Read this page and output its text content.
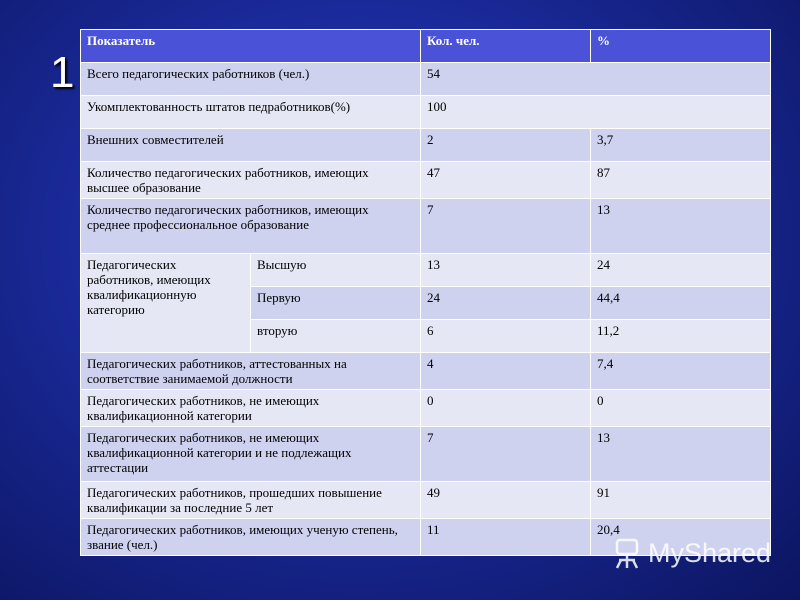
1
Показатель		Кол. чел.	%
Всего педагогических работников (чел.)		54	
Укомплектованность штатов педработников(%)		100	
Внешних совместителей		2	3,7
Количество педагогических работников, имеющих высшее образование		47	87
Количество педагогических работников, имеющих среднее профессиональное образование		7	13
Педагогических работников, имеющих квалификационную категорию	Высшую	13	24
	Первую	24	44,4
	вторую	6	11,2
Педагогических работников, аттестованных на соответствие занимаемой должности		4	7,4
Педагогических работников, не имеющих квалификационной категории		0	0
Педагогических работников, не имеющих квалификационной категории и не подлежащих аттестации		7	13
Педагогических работников, прошедших повышение квалификации за последние 5 лет		49	91
Педагогических работников, имеющих ученую степень, звание (чел.)		11	20,4
MyShared
